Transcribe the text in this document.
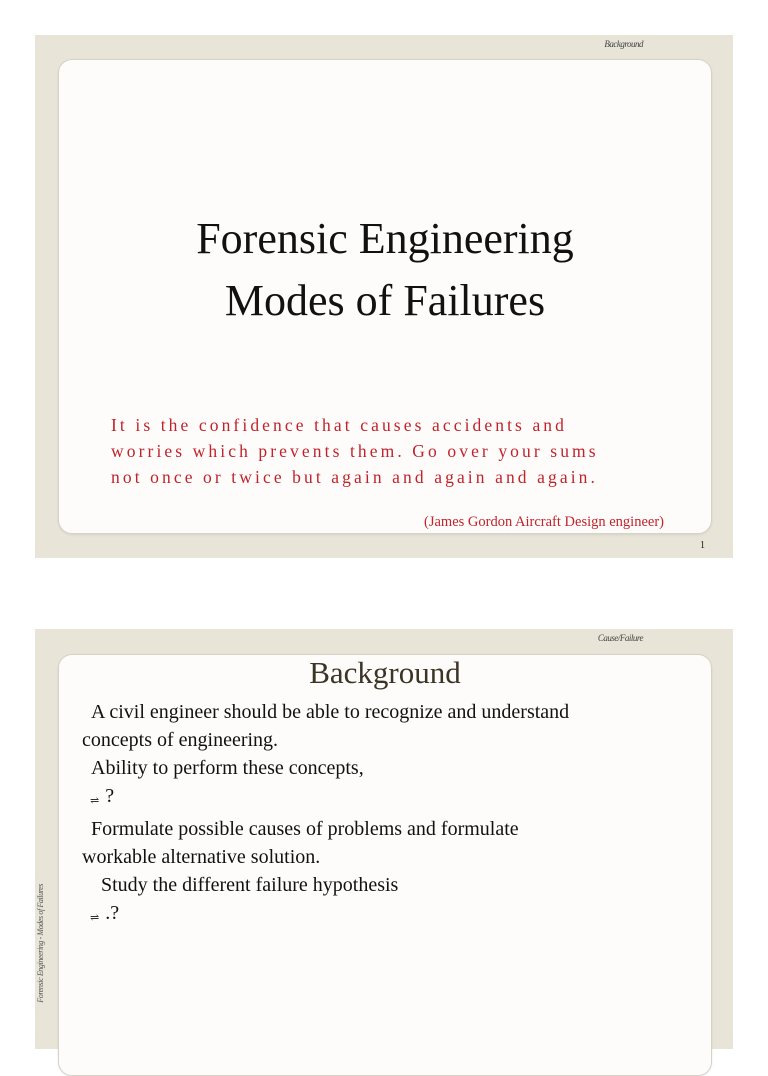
Background
Forensic Engineering
Modes of Failures
It is the confidence that causes accidents and
worries which prevents them. Go over your sums
not once or twice but again and again and again.
(James Gordon Aircraft Design engineer)
1
Cause/Failure
Forensic Engineering - Modes of Failures
Background
A civil engineer should be able to recognize and understand
concepts of engineering.
Ability to perform these concepts,
⇌ ?
Formulate possible causes of problems and formulate
workable alternative solution.
Study the different failure hypothesis
⇌ .?
